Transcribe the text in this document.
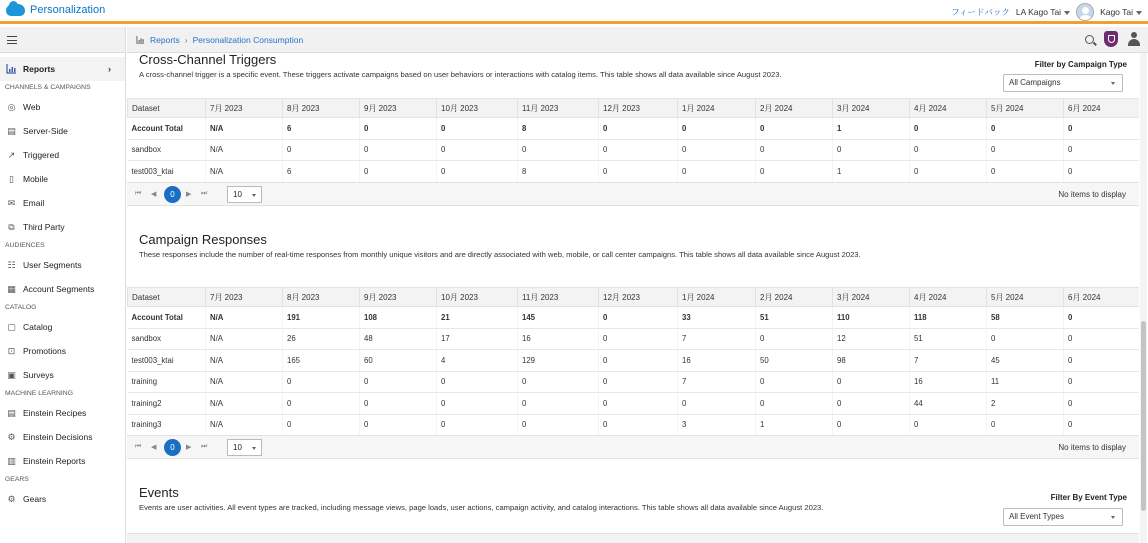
Personalization	フィードバック LA Kago Tai	Kago Tai
Reports	›
CHANNELS & CAMPAIGNS
◎ Web
▤ Server-Side
↗ Triggered
▯	Mobile
✉ Email
⧉ Third Party
AUDIENCES
☷ User Segments
▦ Account Segments
CATALOG
▢ Catalog
⊡ Promotions
▣ Surveys
MACHINE LEARNING
▤ Einstein Recipes
⚙ Einstein Decisions
▥ Einstein Reports
GEARS
⚙ Gears
Reports › Personalization Consumption
Cross-Channel Triggers
A cross-channel trigger is a specific event. These triggers activate campaigns based on user behaviors or interactions with catalog items. This table shows all data available since August 2023.
Filter by Campaign Type
All Campaigns
Dataset	7月 2023	8月 2023	9月 2023	10月 2023	11月 2023	12月 2023	1月 2024	2月 2024	3月 2024	4月 2024	5月 2024	6月 2024
Account Total	N/A	6	0	0	8	0	0	0	1	0	0	0
sandbox	N/A	0	0	0	0	0	0	0	0	0	0	0
test003_ktai	N/A	6	0	0	8	0	0	0	1	0	0	0
⏮ ◀	0	▶ ⏭	10	No items to display
Campaign Responses
These responses include the number of real-time responses from monthly unique visitors and are directly associated with web, mobile, or call center campaigns. This table shows all data available since August 2023.
Dataset	7月 2023	8月 2023	9月 2023	10月 2023	11月 2023	12月 2023	1月 2024	2月 2024	3月 2024	4月 2024	5月 2024	6月 2024
Account Total	N/A	191	108	21	145	0	33	51	110	118	58	0
sandbox	N/A	26	48	17	16	0	7	0	12	51	0	0
test003_ktai	N/A	165	60	4	129	0	16	50	98	7	45	0
training	N/A	0	0	0	0	0	7	0	0	16	11	0
training2	N/A	0	0	0	0	0	0	0	0	44	2	0
training3	N/A	0	0	0	0	0	3	1	0	0	0	0
⏮ ◀	0	▶ ⏭	10	No items to display
Events
Events are user activities. All event types are tracked, including message views, page loads, user actions, campaign activity, and catalog interactions. This table shows all data available since August 2023.
Filter By Event Type
All Event Types
